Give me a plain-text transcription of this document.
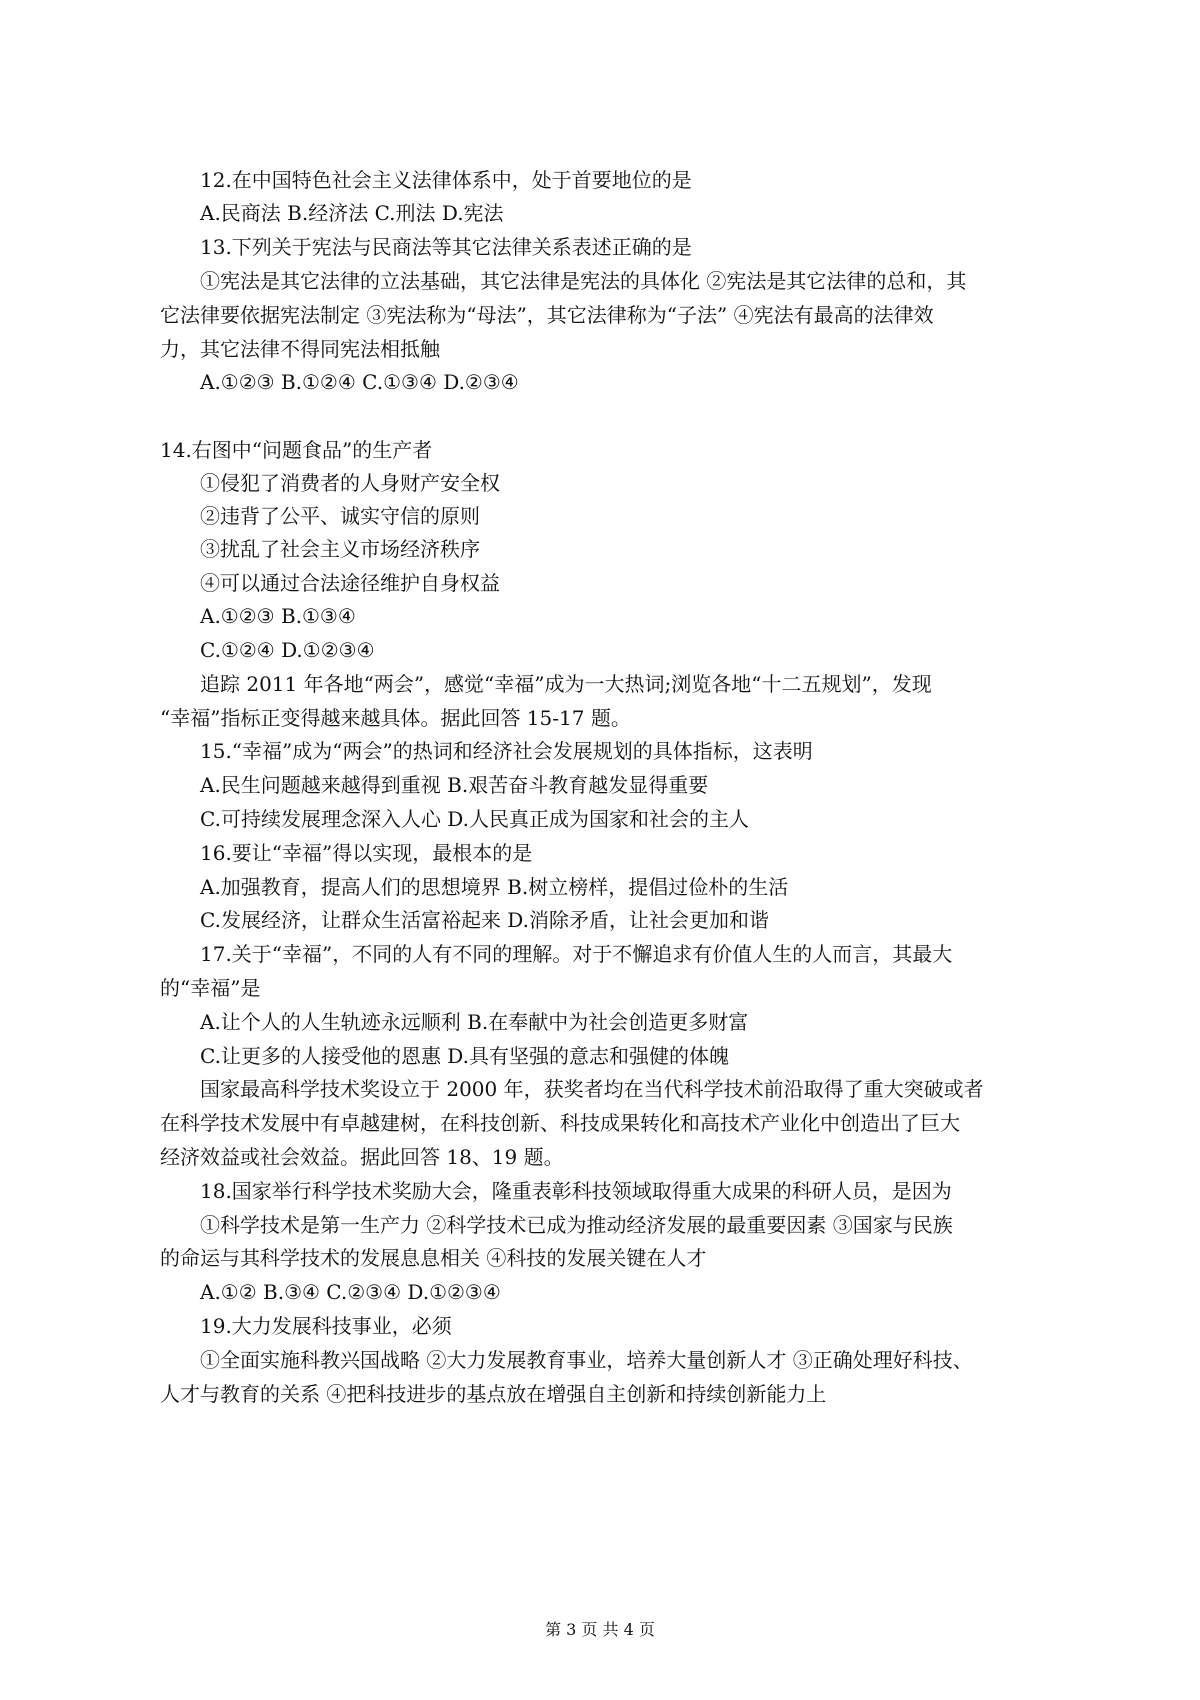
12.在中国特色社会主义法律体系中，处于首要地位的是

A.民商法 B.经济法 C.刑法 D.宪法

13.下列关于宪法与民商法等其它法律关系表述正确的是

①宪法是其它法律的立法基础，其它法律是宪法的具体化 ②宪法是其它法律的总和，其

它法律要依据宪法制定 ③宪法称为“母法”，其它法律称为“子法” ④宪法有最高的法律效

力，其它法律不得同宪法相抵触

A.①②③ B.①②④ C.①③④ D.②③④

14.右图中“问题食品”的生产者

①侵犯了消费者的人身财产安全权

②违背了公平、诚实守信的原则

③扰乱了社会主义市场经济秩序

④可以通过合法途径维护自身权益

A.①②③ B.①③④

C.①②④ D.①②③④

追踪 2011 年各地“两会”，感觉“幸福”成为一大热词;浏览各地“十二五规划”，发现

“幸福”指标正变得越来越具体。据此回答 15-17 题。

15.“幸福”成为“两会”的热词和经济社会发展规划的具体指标，这表明

A.民生问题越来越得到重视 B.艰苦奋斗教育越发显得重要

C.可持续发展理念深入人心 D.人民真正成为国家和社会的主人

16.要让“幸福”得以实现，最根本的是

A.加强教育，提高人们的思想境界 B.树立榜样，提倡过俭朴的生活

C.发展经济，让群众生活富裕起来 D.消除矛盾，让社会更加和谐

17.关于“幸福”，不同的人有不同的理解。对于不懈追求有价值人生的人而言，其最大

的“幸福”是

A.让个人的人生轨迹永远顺利 B.在奉献中为社会创造更多财富

C.让更多的人接受他的恩惠 D.具有坚强的意志和强健的体魄

国家最高科学技术奖设立于 2000 年，获奖者均在当代科学技术前沿取得了重大突破或者

在科学技术发展中有卓越建树，在科技创新、科技成果转化和高技术产业化中创造出了巨大

经济效益或社会效益。据此回答 18、19 题。

18.国家举行科学技术奖励大会，隆重表彰科技领域取得重大成果的科研人员，是因为

①科学技术是第一生产力 ②科学技术已成为推动经济发展的最重要因素 ③国家与民族

的命运与其科学技术的发展息息相关 ④科技的发展关键在人才

A.①② B.③④ C.②③④ D.①②③④

19.大力发展科技事业，必须

①全面实施科教兴国战略 ②大力发展教育事业，培养大量创新人才 ③正确处理好科技、

人才与教育的关系 ④把科技进步的基点放在增强自主创新和持续创新能力上

第 3 页 共 4 页
